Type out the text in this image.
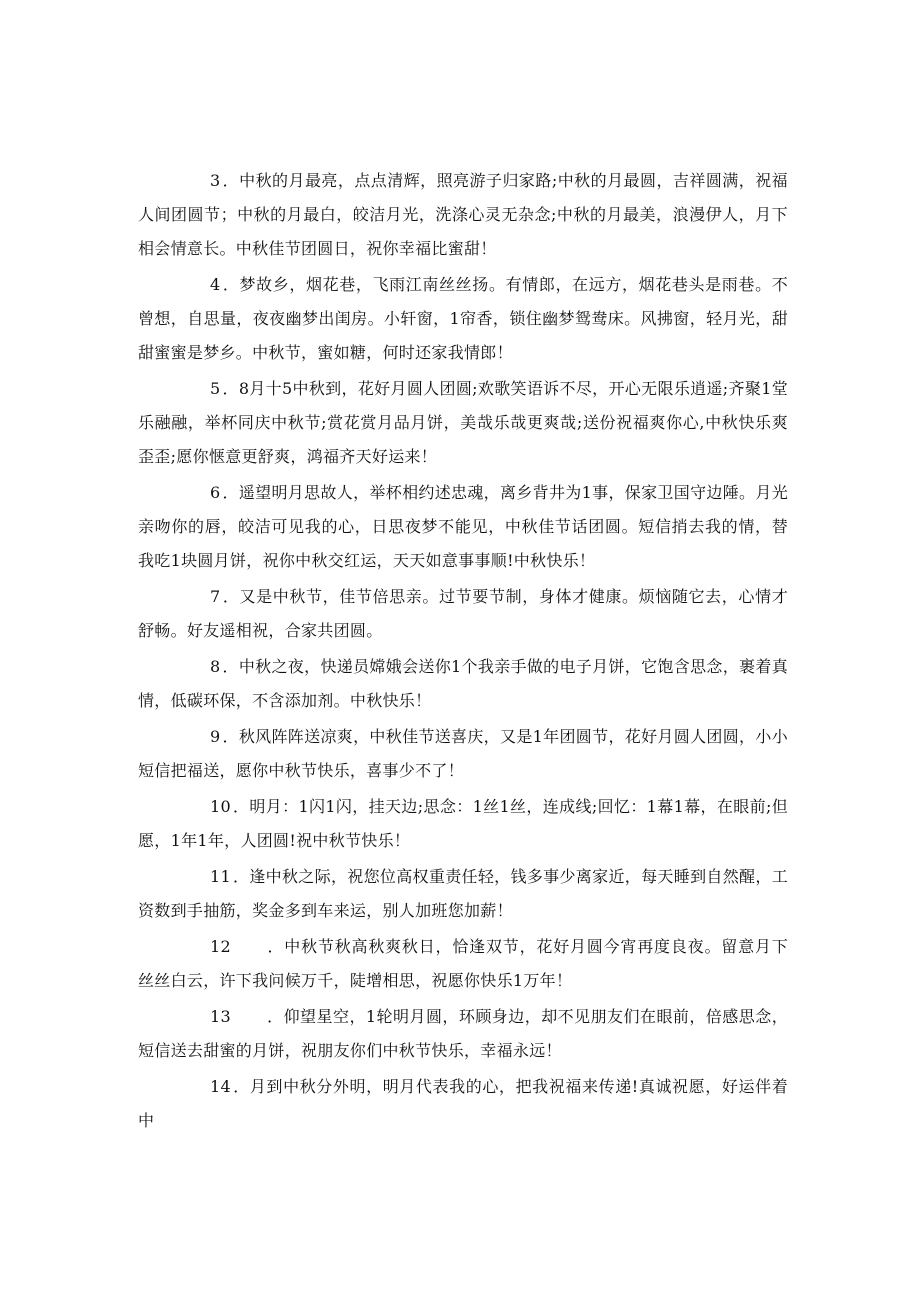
3 ．中秋的月最亮，点点清辉，照亮游子归家路;中秋的月最圆，吉祥圆满，祝福人间团圆节；中秋的月最白，皎洁月光，洗涤心灵无杂念;中秋的月最美，浪漫伊人，月下相会情意长。中秋佳节团圆日，祝你幸福比蜜甜！

4 ．梦故乡，烟花巷，飞雨江南丝丝扬。有情郎，在远方，烟花巷头是雨巷。不曾想，自思量，夜夜幽梦出闺房。小轩窗，1帘香，锁住幽梦鸳鸯床。风拂窗，轻月光，甜甜蜜蜜是梦乡。中秋节，蜜如糖，何时还家我情郎！

5 ．8月十5中秋到，花好月圆人团圆;欢歌笑语诉不尽，开心无限乐逍遥;齐聚1堂乐融融，举杯同庆中秋节;赏花赏月品月饼，美哉乐哉更爽哉;送份祝福爽你心,中秋快乐爽歪歪;愿你惬意更舒爽，鸿福齐天好运来！

6 ．遥望明月思故人，举杯相约述忠魂，离乡背井为1事，保家卫国守边陲。月光亲吻你的唇，皎洁可见我的心，日思夜梦不能见，中秋佳节话团圆。短信捎去我的情，替我吃1块圆月饼，祝你中秋交红运，天天如意事事顺!中秋快乐！

7 ．又是中秋节，佳节倍思亲。过节要节制，身体才健康。烦恼随它去，心情才舒畅。好友遥相祝，合家共团圆。

8 ．中秋之夜，快递员嫦娥会送你1个我亲手做的电子月饼，它饱含思念，裹着真情，低碳环保，不含添加剂。中秋快乐！

9 ．秋风阵阵送凉爽，中秋佳节送喜庆，又是1年团圆节，花好月圆人团圆，小小短信把福送，愿你中秋节快乐，喜事少不了！

10 ．明月：1闪1闪，挂天边;思念：1丝1丝，连成线;回忆：1幕1幕，在眼前;但愿，1年1年，人团圆!祝中秋节快乐！

11 ．逢中秋之际，祝您位高权重责任轻，钱多事少离家近，每天睡到自然醒，工资数到手抽筋，奖金多到车来运，别人加班您加薪！

12 ．中秋节秋高秋爽秋日，恰逢双节，花好月圆今宵再度良夜。留意月下丝丝白云，许下我问候万千，陡增相思，祝愿你快乐1万年！

13 ．仰望星空，1轮明月圆，环顾身边，却不见朋友们在眼前，倍感思念，短信送去甜蜜的月饼，祝朋友你们中秋节快乐，幸福永远！

14 ．月到中秋分外明，明月代表我的心，把我祝福来传递!真诚祝愿，好运伴着中
